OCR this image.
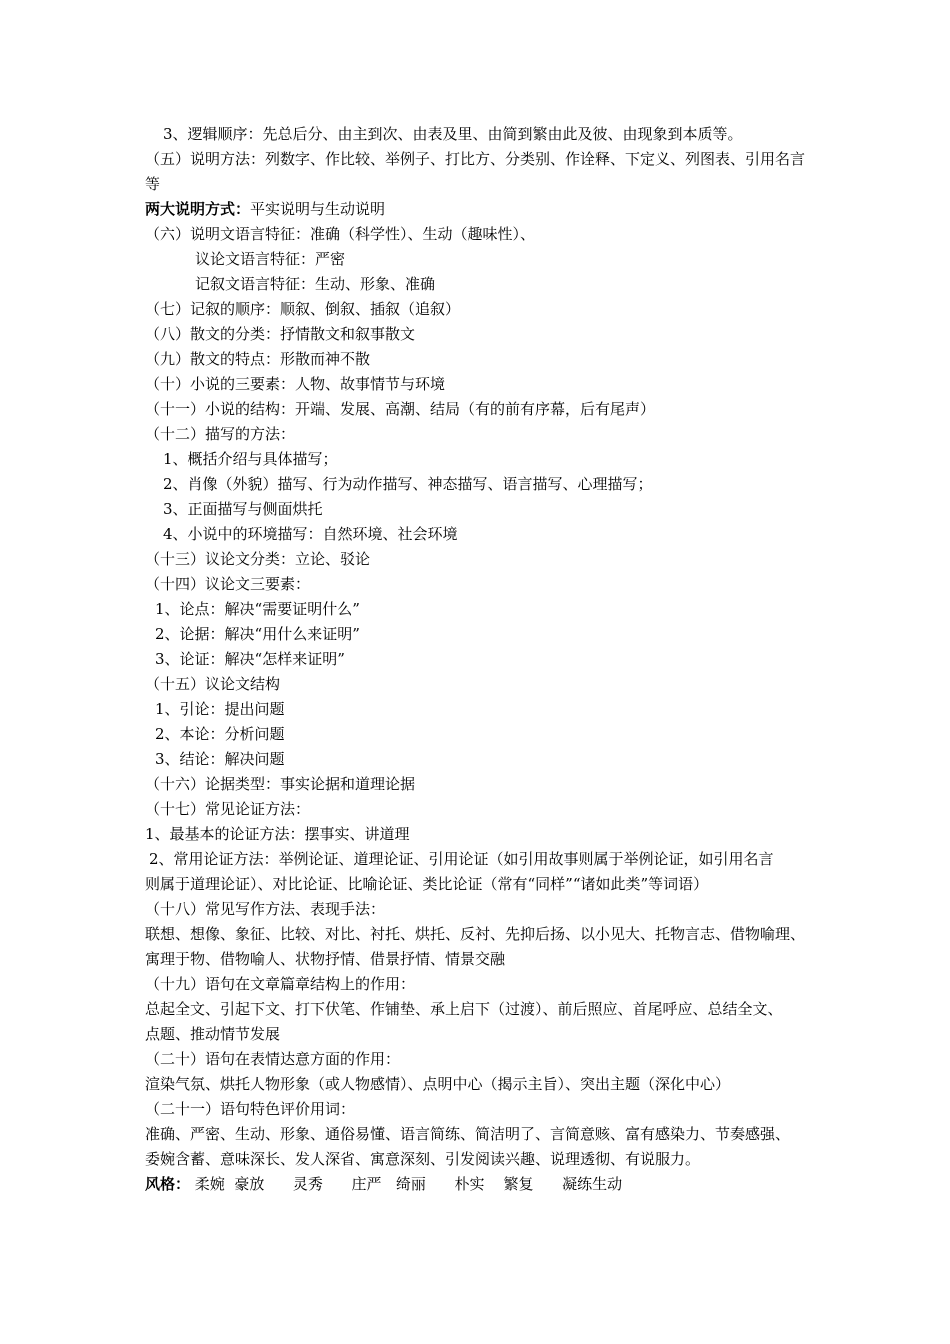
3、逻辑顺序：先总后分、由主到次、由表及里、由简到繁由此及彼、由现象到本质等。
（五）说明方法：列数字、作比较、举例子、打比方、分类别、作诠释、下定义、列图表、引用名言
等
两大说明方式：平实说明与生动说明
（六）说明文语言特征：准确（科学性）、生动（趣味性）、
议论文语言特征：严密
记叙文语言特征：生动、形象、准确
（七）记叙的顺序：顺叙、倒叙、插叙（追叙）
（八）散文的分类：抒情散文和叙事散文
（九）散文的特点：形散而神不散
（十）小说的三要素：人物、故事情节与环境
（十一）小说的结构：开端、发展、高潮、结局（有的前有序幕，后有尾声）
（十二）描写的方法：
1、概括介绍与具体描写；
2、肖像（外貌）描写、行为动作描写、神态描写、语言描写、心理描写；
3、正面描写与侧面烘托
4、小说中的环境描写：自然环境、社会环境
（十三）议论文分类：立论、驳论
（十四）议论文三要素：
1、论点：解决“需要证明什么”
2、论据：解决“用什么来证明”
3、论证：解决“怎样来证明”
（十五）议论文结构
1、引论：提出问题
2、本论：分析问题
3、结论：解决问题
（十六）论据类型：事实论据和道理论据
（十七）常见论证方法：
1、最基本的论证方法：摆事实、讲道理
2、常用论证方法：举例论证、道理论证、引用论证（如引用故事则属于举例论证，如引用名言
则属于道理论证）、对比论证、比喻论证、类比论证（常有“同样”“诸如此类”等词语）
（十八）常见写作方法、表现手法：
联想、想像、象征、比较、对比、衬托、烘托、反衬、先抑后扬、以小见大、托物言志、借物喻理、
寓理于物、借物喻人、状物抒情、借景抒情、情景交融
（十九）语句在文章篇章结构上的作用：
总起全文、引起下文、打下伏笔、作铺垫、承上启下（过渡）、前后照应、首尾呼应、总结全文、
点题、推动情节发展
（二十）语句在表情达意方面的作用：
渲染气氛、烘托人物形象（或人物感情）、点明中心（揭示主旨）、突出主题（深化中心）
（二十一）语句特色评价用词：
准确、严密、生动、形象、通俗易懂、语言简练、简洁明了、言简意赅、富有感染力、节奏感强、
委婉含蓄、意味深长、发人深省、寓意深刻、引发阅读兴趣、说理透彻、有说服力。
风格： 柔婉  豪放      灵秀      庄严   绮丽      朴实    繁复      凝练生动
